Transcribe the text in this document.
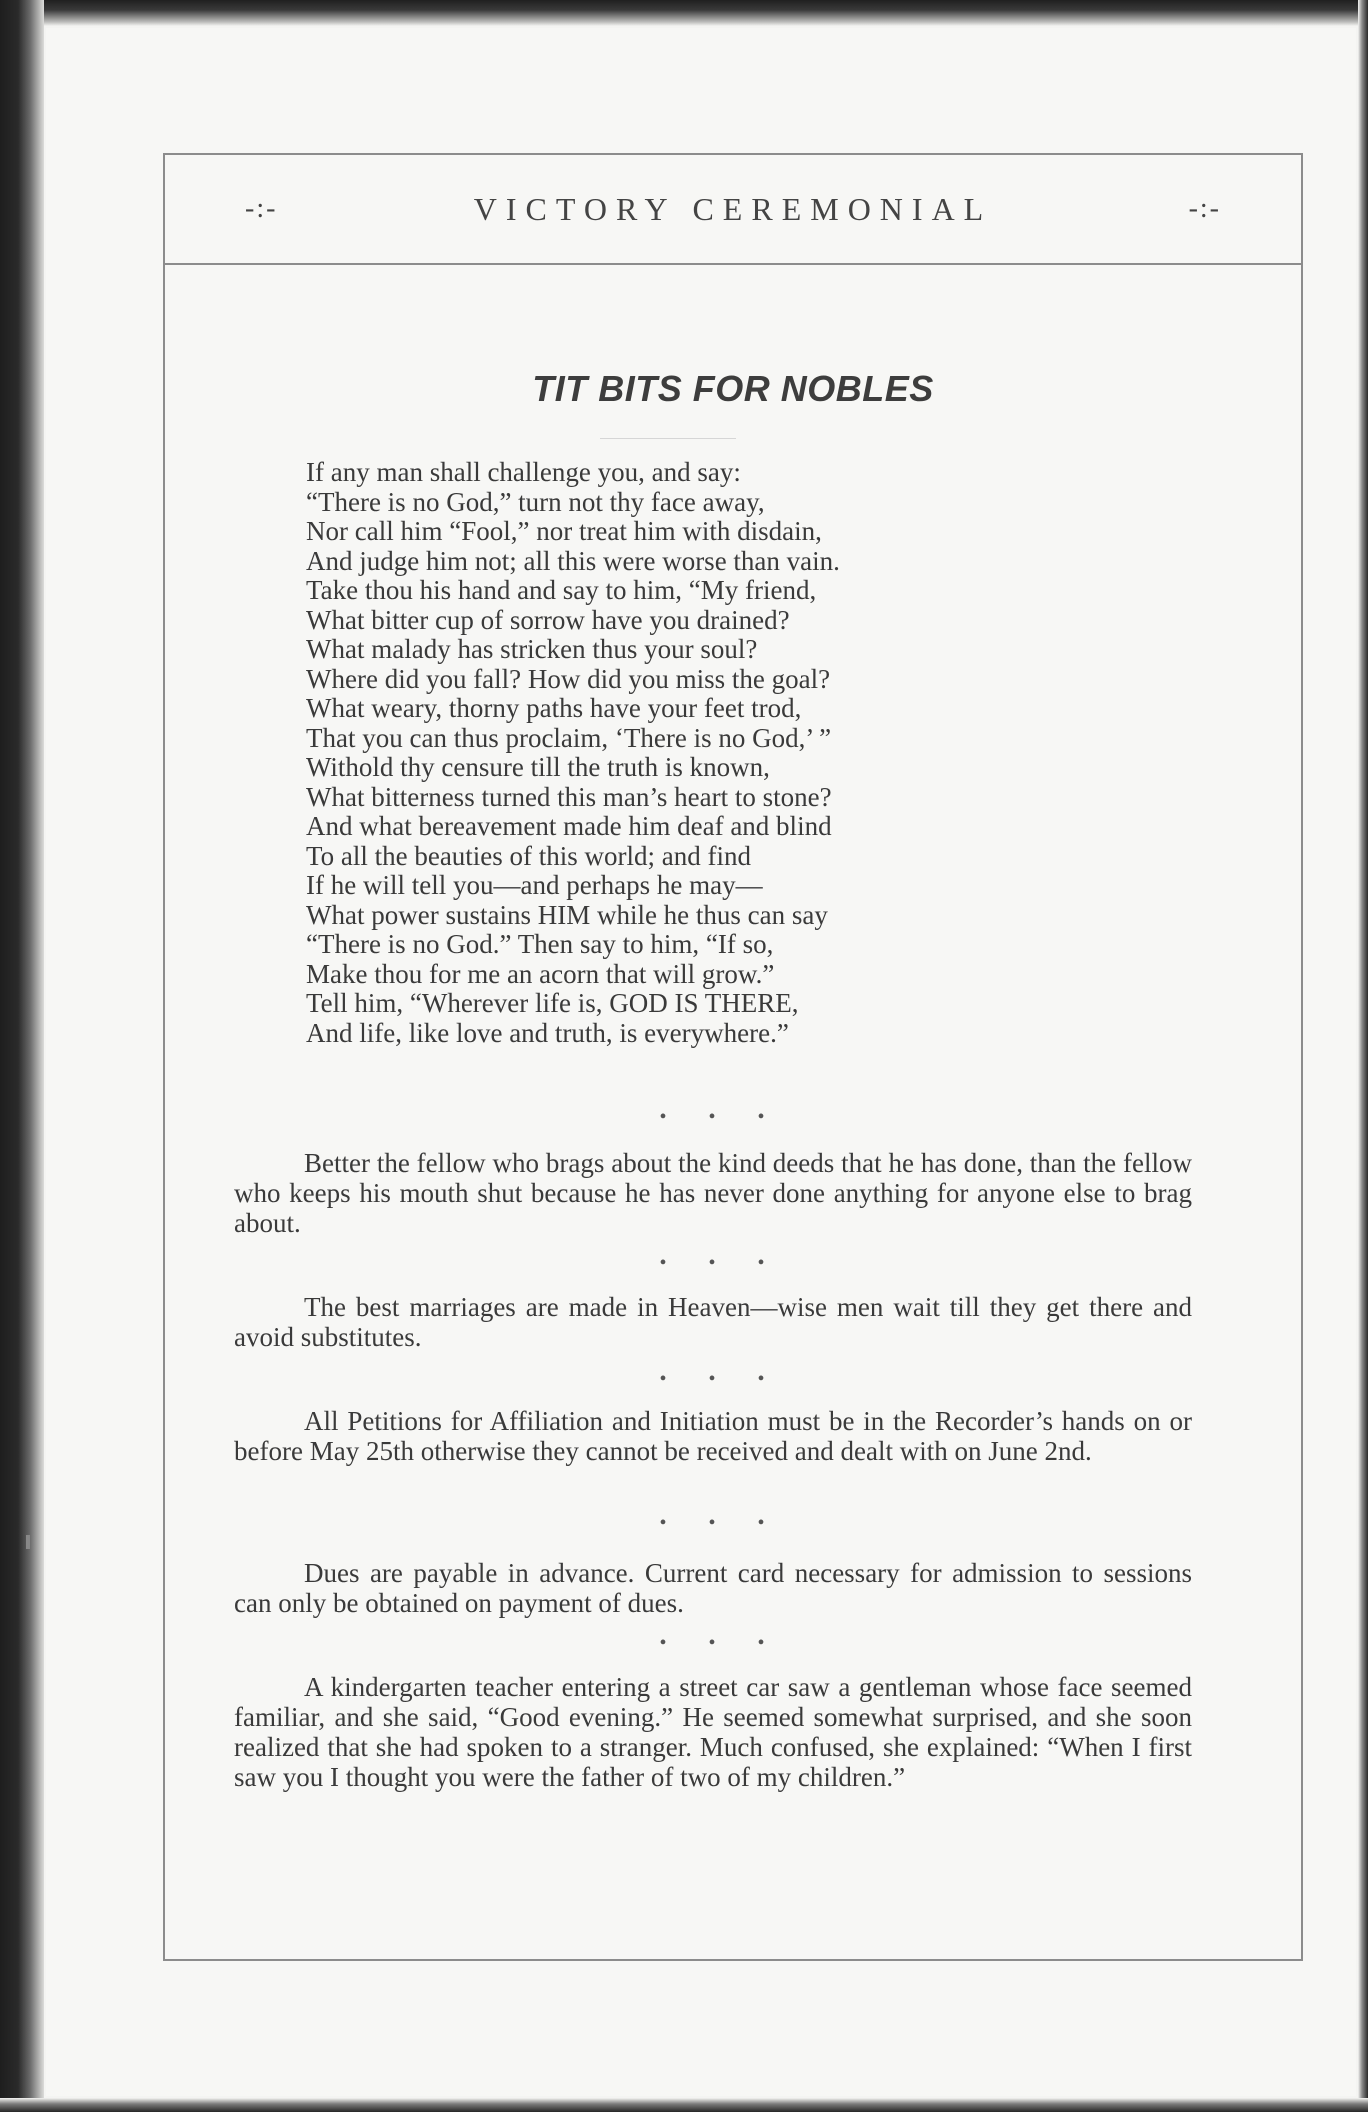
-:-	VICTORY CEREMONIAL	-:-
TIT BITS FOR NOBLES
If any man shall challenge you, and say:
“There is no God,” turn not thy face away,
Nor call him “Fool,” nor treat him with disdain,
And judge him not; all this were worse than vain.
Take thou his hand and say to him, “My friend,
What bitter cup of sorrow have you drained?
What malady has stricken thus your soul?
Where did you fall? How did you miss the goal?
What weary, thorny paths have your feet trod,
That you can thus proclaim, ‘There is no God,’ ”
Withold thy censure till the truth is known,
What bitterness turned this man’s heart to stone?
And what bereavement made him deaf and blind
To all the beauties of this world; and find
If he will tell you—and perhaps he may—
What power sustains HIM while he thus can say
“There is no God.” Then say to him, “If so,
Make thou for me an acorn that will grow.”
Tell him, “Wherever life is, GOD IS THERE,
And life, like love and truth, is everywhere.”
•••
Better the fellow who brags about the kind deeds that he has done, than the fellow who keeps his mouth shut because he has never done anything for anyone else to brag about.
•••
The best marriages are made in Heaven—wise men wait till they get there and avoid substitutes.
•••
All Petitions for Affiliation and Initiation must be in the Recorder’s hands on or before May 25th otherwise they cannot be received and dealt with on June 2nd.
•••
Dues are payable in advance. Current card necessary for admission to sessions can only be obtained on payment of dues.
•••
A kindergarten teacher entering a street car saw a gentleman whose face seemed familiar, and she said, “Good evening.” He seemed somewhat surprised, and she soon realized that she had spoken to a stranger. Much confused, she explained: “When I first saw you I thought you were the father of two of my children.”
